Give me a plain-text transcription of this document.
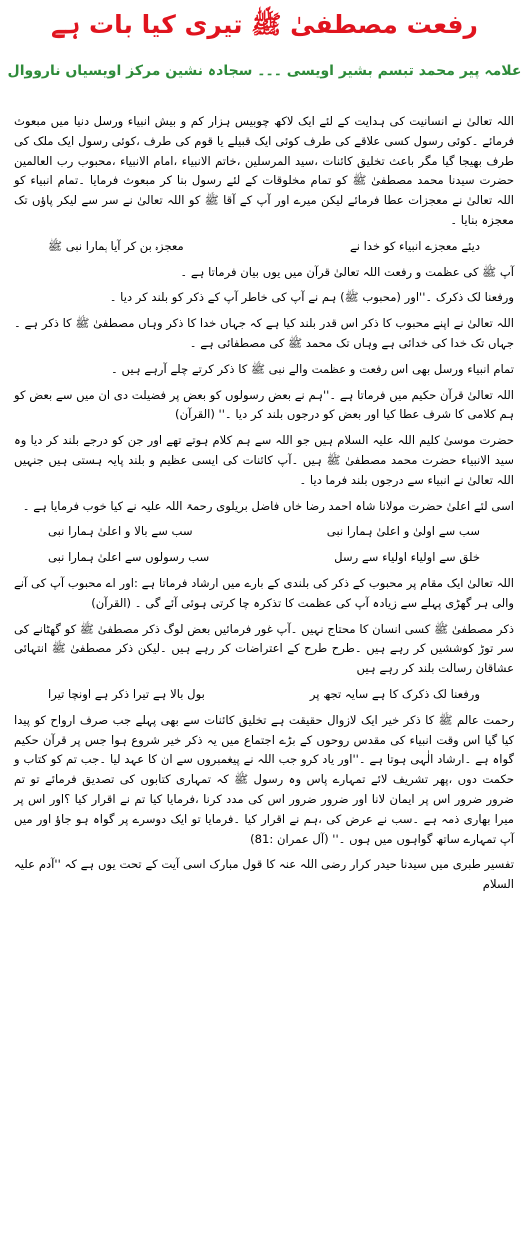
رفعت مصطفیٰ ﷺ تیری کیا بات ہے
علامہ پیر محمد تبسم بشیر اویسی ۔۔۔ سجادہ نشین مرکز اویسیاں نارووال

اللہ تعالیٰ نے انسانیت کی ہدایت کے لئے ایک لاکھ چوبیس ہزار کم و بیش انبیاء ورسل دنیا میں مبعوث فرمائے ۔کوئی رسول کسی علاقے کی طرف کوئی ایک قبیلے یا قوم کی طرف ،کوئی رسول ایک ملک کی طرف بھیجا گیا مگر باعث تخلیق کائنات ،سید المرسلین ،خاتم الانبیاء ،امام الانبیاء ،محبوب رب العالمین حضرت سیدنا محمد مصطفیٰ ﷺ کو تمام مخلوقات کے لئے رسول بنا کر مبعوث فرمایا ۔تمام انبیاء کو اللہ تعالیٰ نے معجزات عطا فرمائے لیکن میرے اور آپ کے آقا ﷺ کو اللہ تعالیٰ نے سر سے لیکر پاؤں تک معجزہ بنایا ۔

دیئے معجزے انبیاء کو خدا نے
معجزہ بن کر آیا ہمارا نبی ﷺ

آپ ﷺ کی عظمت و رفعت اللہ تعالیٰ قرآن میں یوں بیان فرماتا ہے ۔

ورفعنا لک ذکرک ۔''اور (محبوب ﷺ) ہم نے آپ کی خاطر آپ کے ذکر کو بلند کر دیا ۔

اللہ تعالیٰ نے اپنے محبوب کا ذکر اس قدر بلند کیا ہے کہ جہاں خدا کا ذکر وہاں مصطفیٰ ﷺ کا ذکر ہے ۔جہاں تک خدا کی خدائی ہے وہاں تک محمد ﷺ کی مصطفائی ہے ۔

تمام انبیاء ورسل بھی اس رفعت و عظمت والے نبی ﷺ کا ذکر کرتے چلے آرہے ہیں ۔

اللہ تعالیٰ قرآن حکیم میں فرماتا ہے ۔''ہم نے بعض رسولوں کو بعض پر فضیلت دی ان میں سے بعض کو ہم کلامی کا شرف عطا کیا اور بعض کو درجوں بلند کر دیا ۔'' (القرآن)

حضرت موسیٰ کلیم اللہ علیہ السلام ہیں جو اللہ سے ہم کلام ہوتے تھے اور جن کو درجے بلند کر دیا وہ سید الانبیاء حضرت محمد مصطفیٰ ﷺ ہیں ۔آپ کائنات کی ایسی عظیم و بلند پایہ ہستی ہیں جنہیں اللہ تعالیٰ نے انبیاء سے درجوں بلند فرما دیا ۔

اسی لئے اعلیٰ حضرت مولانا شاہ احمد رضا خاں فاضل بریلوی رحمۃ اللہ علیہ نے کیا خوب فرمایا ہے ۔

سب سے اولیٰ و اعلیٰ ہمارا نبی
سب سے بالا و اعلیٰ ہمارا نبی
خلق سے اولیاء اولیاء سے رسل
سب رسولوں سے اعلیٰ ہمارا نبی

اللہ تعالیٰ ایک مقام پر محبوب کے ذکر کی بلندی کے بارے میں ارشاد فرماتا ہے :اور اے محبوب آپ کی آنے والی ہر گھڑی پہلے سے زیادہ آپ کی عظمت کا تذکرہ چا کرتی ہوئی آئے گی ۔ (القرآن)

ذکر مصطفیٰ ﷺ کسی انسان کا محتاج نہیں ۔آپ غور فرمائیں بعض لوگ ذکر مصطفیٰ ﷺ کو گھٹانے کی سر توڑ کوششیں کر رہے ہیں ۔طرح طرح کے اعتراضات کر رہے ہیں ۔لیکن ذکر مصطفیٰ ﷺ انتہائی عشاقان رسالت بلند کر رہے ہیں

ورفعنا لک ذکرک کا ہے سایہ تجھ پر
بول بالا ہے تیرا ذکر ہے اونچا تیرا

رحمت عالم ﷺ کا ذکر خیر ایک لازوال حقیقت ہے تخلیق کائنات سے بھی پہلے جب صرف ارواح کو پیدا کیا گیا اس وقت انبیاء کی مقدس روحوں کے بڑے اجتماع میں یہ ذکر خیر شروع ہوا جس پر قرآن حکیم گواہ ہے ۔ارشاد الٰہی ہوتا ہے ۔''اور یاد کرو جب اللہ نے پیغمبروں سے ان کا عہد لیا ۔جب تم کو کتاب و حکمت دوں ،پھر تشریف لائے تمہارے پاس وہ رسول ﷺ کہ تمہاری کتابوں کی تصدیق فرمائے تو تم ضرور ضرور اس پر ایمان لانا اور ضرور ضرور اس کی مدد کرنا ،فرمایا کیا تم نے اقرار کیا ؟اور اس پر میرا بھاری ذمہ ہے ۔سب نے عرض کی ،ہم نے اقرار کیا ۔فرمایا تو ایک دوسرے پر گواہ ہو جاؤ اور میں آپ تمہارے ساتھ گواہوں میں ہوں ۔'' (آل عمران :81)

تفسیر طبری میں سیدنا حیدر کرار رضی اللہ عنہ کا قول مبارک اسی آیت کے تحت یوں ہے کہ ''آدم علیہ السلام
